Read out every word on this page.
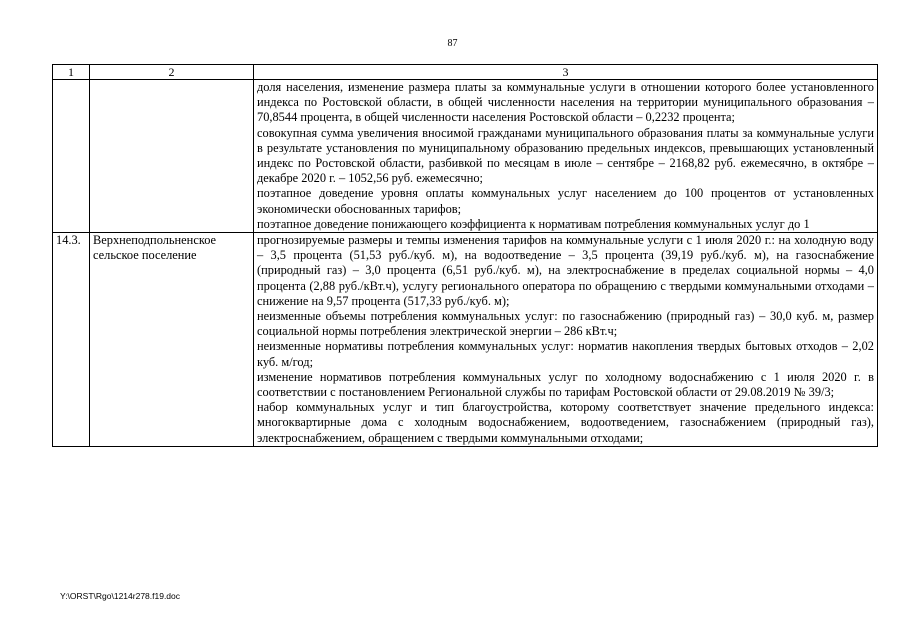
87
1	2	3

		доля населения, изменение размера платы за коммунальные услуги в отношении которого более установленного индекса по Ростовской области, в общей численности населения на территории муниципального образования – 70,8544 процента, в общей численности населения Ростовской области – 0,2232 процента;

совокупная сумма увеличения вносимой гражданами муниципального образования платы за коммунальные услуги в результате установления по муниципальному образованию предельных индексов, превышающих установленный индекс по Ростовской области, разбивкой по месяцам в июле – сентябре – 2168,82 руб. ежемесячно, в октябре – декабре 2020 г. – 1052,56 руб. ежемесячно;

поэтапное доведение уровня оплаты коммунальных услуг населением до 100 процентов от установленных экономически обоснованных тарифов;

поэтапное доведение понижающего коэффициента к нормативам потребления коммунальных услуг до 1

14.3.	Верхнеподпольненское сельское поселение	прогнозируемые размеры и темпы изменения тарифов на коммунальные услуги с 1 июля 2020 г.: на холодную воду – 3,5 процента (51,53 руб./куб. м), на водоотведение – 3,5 процента (39,19 руб./куб. м), на газоснабжение (природный газ) – 3,0 процента (6,51 руб./куб. м), на электроснабжение в пределах социальной нормы – 4,0 процента (2,88 руб./кВт.ч), услугу регионального оператора по обращению с твердыми коммунальными отходами – снижение на 9,57 процента (517,33 руб./куб. м);

неизменные объемы потребления коммунальных услуг: по газоснабжению (природный газ) – 30,0 куб. м, размер социальной нормы потребления электрической энергии – 286 кВт.ч;

неизменные нормативы потребления коммунальных услуг: норматив накопления твердых бытовых отходов – 2,02 куб. м/год;

изменение нормативов потребления коммунальных услуг по холодному водоснабжению с 1 июля 2020 г. в соответствии с постановлением Региональной службы по тарифам Ростовской области от 29.08.2019 № 39/3;

набор коммунальных услуг и тип благоустройства, которому соответствует значение предельного индекса: многоквартирные дома с холодным водоснабжением, водоотведением, газоснабжением (природный газ), электроснабжением, обращением с твердыми коммунальными отходами;

Y:\ORST\Rgo\1214r278.f19.doc
